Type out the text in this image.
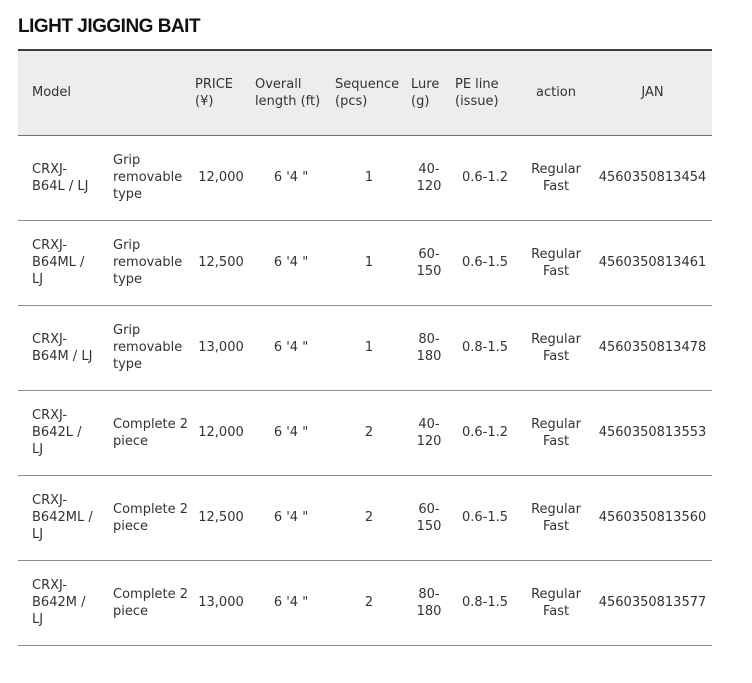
LIGHT JIGGING BAIT
Model		PRICE (¥)	Overall length (ft)	Sequence (pcs)	Lure (g)	PE line (issue)	action	JAN
CRXJ-B64L / LJ	Grip removable type	12,000	6 '4 "	1	40-120	0.6-1.2	Regular Fast	4560350813454
CRXJ-B64ML / LJ	Grip removable type	12,500	6 '4 "	1	60-150	0.6-1.5	Regular Fast	4560350813461
CRXJ-B64M / LJ	Grip removable type	13,000	6 '4 "	1	80-180	0.8-1.5	Regular Fast	4560350813478
CRXJ-B642L / LJ	Complete 2 piece	12,000	6 '4 "	2	40-120	0.6-1.2	Regular Fast	4560350813553
CRXJ-B642ML / LJ	Complete 2 piece	12,500	6 '4 "	2	60-150	0.6-1.5	Regular Fast	4560350813560
CRXJ-B642M / LJ	Complete 2 piece	13,000	6 '4 "	2	80-180	0.8-1.5	Regular Fast	4560350813577
